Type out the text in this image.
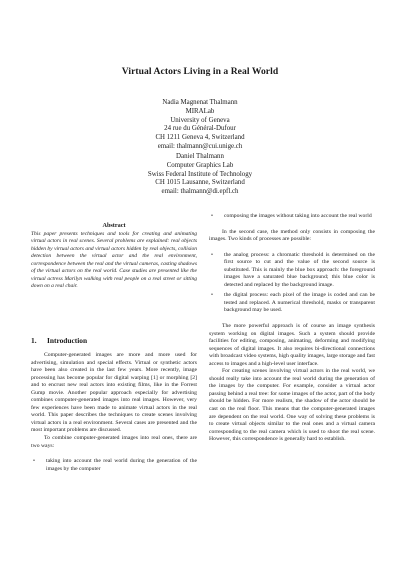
Virtual Actors Living in a Real World
Nadia Magnenat Thalmann
MIRALab
University of Geneva
24 rue du Général-Dufour
CH 1211 Geneva 4, Switzerland
email: thalmann@cui.unige.ch
Daniel Thalmann
Computer Graphics Lab
Swiss Federal Institute of Technology
CH 1015 Lausanne, Switzerland
email: thalmann@di.epfl.ch
Abstract
This paper presents techniques and tools for creating and animating virtual actors in real scenes. Several problems are explained: real objects hidden by virtual actors and virtual actors hidden by real objects, collision detection between the virtual actor and the real environment, correspondence between the real and the virtual cameras, casting shadows of the virtual actors on the real world. Case studies are presented like the virtual actress Marilyn walking with real people on a real street or sitting down on a real chair.
1. Introduction

Computer-generated images are more and more used for advertising, simulation and special effects. Virtual or synthetic actors have been also created in the last few years. More recently, image processing has become popular for digital warping [1] or morphing [2] and to encrust new real actors into existing films, like in the Forrest Gump movie. Another popular approach especially for advertising combines computer-generated images into real images. However, very few experiences have been made to animate virtual actors in the real world. This paper describes the techniques to create scenes involving virtual actors in a real environment. Several cases are presented and the most important problems are discussed.

To combine computer-generated images into real ones, there are two ways:

• taking into account the real world during the generation of the images by the computer
• composing the images without taking into account the real world

In the second case, the method only consists in composing the images. Two kinds of processes are possible:

• the analog process: a chromatic threshold is determined on the first source to cut and the value of the second source is substituted. This is mainly the blue box approach: the foreground images have a saturated blue background; this blue color is detected and replaced by the background image.
• the digital process: each pixel of the image is coded and can be tested and replaced. A numerical threshold, masks or transparent background may be used.

The more powerful approach is of course an image synthesis system working on digital images. Such a system should provide facilities for editing, composing, animating, deforming and modifying sequences of digital images. It also requires bi-directional connections with broadcast video systems, high quality images, large storage and fast access to images and a high-level user interface.

For creating scenes involving virtual actors in the real world, we should really take into account the real world during the generation of the images by the computer. For example, consider a virtual actor passing behind a real tree: for some images of the actor, part of the body should be hidden. For more realism, the shadow of the actor should be cast on the real floor. This means that the computer-generated images are dependent on the real world. One way of solving these problems is to create virtual objects similar to the real ones and a virtual camera corresponding to the real camera which is used to shoot the real scene. However, this correspondence is generally hard to establish.
